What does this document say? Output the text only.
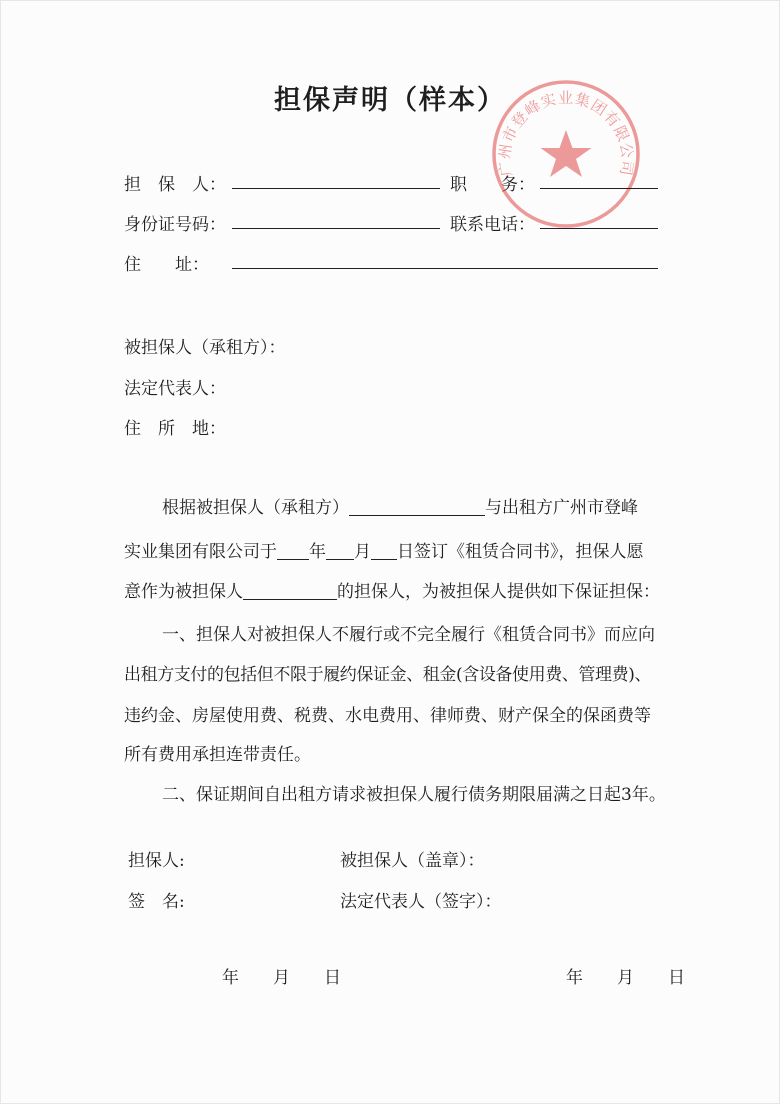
担保声明（样本）
广州市登峰实业集团有限公司
担　保　人：	职　　务：
身份证号码：	联系电话：
住　　址：
被担保人（承租方）：
法定代表人：
住　所　地：
根据被担保人（承租方）	与出租方广州市登峰
实业集团有限公司于 年 月 日签订《租赁合同书》，担保人愿
意作为被担保人	的担保人，为被担保人提供如下保证担保：
一、担保人对被担保人不履行或不完全履行《租赁合同书》而应向
出租方支付的包括但不限于履约保证金、租金(含设备使用费、管理费)、
违约金、房屋使用费、税费、水电费用、律师费、财产保全的保函费等
所有费用承担连带责任。
二、保证期间自出租方请求被担保人履行债务期限届满之日起3年。
担保人:	被担保人（盖章）：
签　名:	法定代表人（签字）：
年　　月　　日	年　　月　　日
